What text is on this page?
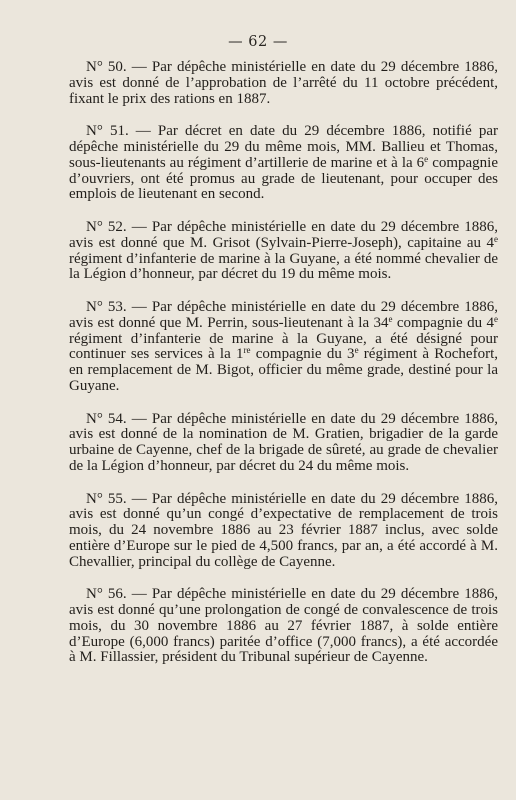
— 62 —

N° 50. — Par dépêche ministérielle en date du 29 décembre 1886, avis est donné de l’approbation de l’arrêté du 11 octobre précédent, fixant le prix des rations en 1887.

N° 51. — Par décret en date du 29 décembre 1886, notifié par dépêche ministérielle du 29 du même mois, MM. Ballieu et Thomas, sous-lieutenants au régiment d’artillerie de marine et à la 6e compagnie d’ouvriers, ont été promus au grade de lieutenant, pour occuper des emplois de lieutenant en second.

N° 52. — Par dépêche ministérielle en date du 29 décembre 1886, avis est donné que M. Grisot (Sylvain-Pierre-Joseph), capitaine au 4e régiment d’infanterie de marine à la Guyane, a été nommé chevalier de la Légion d’honneur, par décret du 19 du même mois.

N° 53. — Par dépêche ministérielle en date du 29 décembre 1886, avis est donné que M. Perrin, sous-lieutenant à la 34e compagnie du 4e régiment d’infanterie de marine à la Guyane, a été désigné pour continuer ses services à la 1re compagnie du 3e régiment à Rochefort, en remplacement de M. Bigot, officier du même grade, destiné pour la Guyane.

N° 54. — Par dépêche ministérielle en date du 29 décembre 1886, avis est donné de la nomination de M. Gratien, brigadier de la garde urbaine de Cayenne, chef de la brigade de sûreté, au grade de chevalier de la Légion d’honneur, par décret du 24 du même mois.

N° 55. — Par dépêche ministérielle en date du 29 décembre 1886, avis est donné qu’un congé d’expectative de remplacement de trois mois, du 24 novembre 1886 au 23 février 1887 inclus, avec solde entière d’Europe sur le pied de 4,500 francs, par an, a été accordé à M. Chevallier, principal du collège de Cayenne.

N° 56. — Par dépêche ministérielle en date du 29 décembre 1886, avis est donné qu’une prolongation de congé de convalescence de trois mois, du 30 novembre 1886 au 27 février 1887, à solde entière d’Europe (6,000 francs) paritée d’office (7,000 francs), a été accordée à M. Fillassier, président du Tribunal supérieur de Cayenne.
